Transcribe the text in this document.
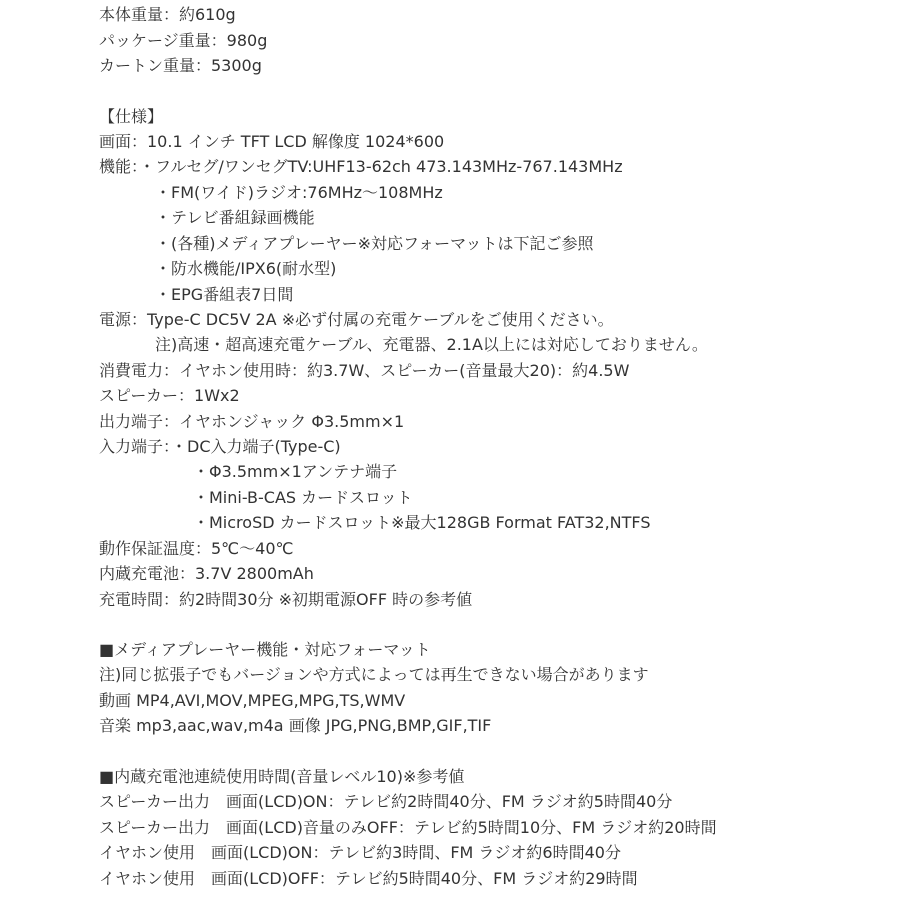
本体重量：約610g
パッケージ重量：980g
カートン重量：5300g
【仕様】
画面：10.1 インチ TFT LCD 解像度 1024*600
機能：・フルセグ/ワンセグTV:UHF13-62ch 473.143MHz-767.143MHz
・FM(ワイド)ラジオ:76MHz～108MHz
・テレビ番組録画機能
・(各種)メディアプレーヤー※対応フォーマットは下記ご参照
・防水機能/IPX6(耐水型)
・EPG番組表7日間
電源：Type-C DC5V 2A ※必ず付属の充電ケーブルをご使用ください。
注)高速・超高速充電ケーブル、充電器、2.1A以上には対応しておりません。
消費電力：イヤホン使用時：約3.7W、スピーカー(音量最大20)：約4.5W
スピーカー：1Wx2
出力端子：イヤホンジャック Φ3.5mm×1
入力端子：・DC入力端子(Type-C)
・Φ3.5mm×1アンテナ端子
・Mini-B-CAS カードスロット
・MicroSD カードスロット※最大128GB Format FAT32,NTFS
動作保証温度：5℃～40℃
内蔵充電池：3.7V 2800mAh
充電時間：約2時間30分 ※初期電源OFF 時の参考値
■メディアプレーヤー機能・対応フォーマット
注)同じ拡張子でもバージョンや方式によっては再生できない場合があります
動画 MP4,AVI,MOV,MPEG,MPG,TS,WMV
音楽 mp3,aac,wav,m4a 画像 JPG,PNG,BMP,GIF,TIF
■内蔵充電池連続使用時間(音量レベル10)※参考値
スピーカー出力　画面(LCD)ON：テレビ約2時間40分、FM ラジオ約5時間40分
スピーカー出力　画面(LCD)音量のみOFF：テレビ約5時間10分、FM ラジオ約20時間
イヤホン使用　画面(LCD)ON：テレビ約3時間、FM ラジオ約6時間40分
イヤホン使用　画面(LCD)OFF：テレビ約5時間40分、FM ラジオ約29時間
